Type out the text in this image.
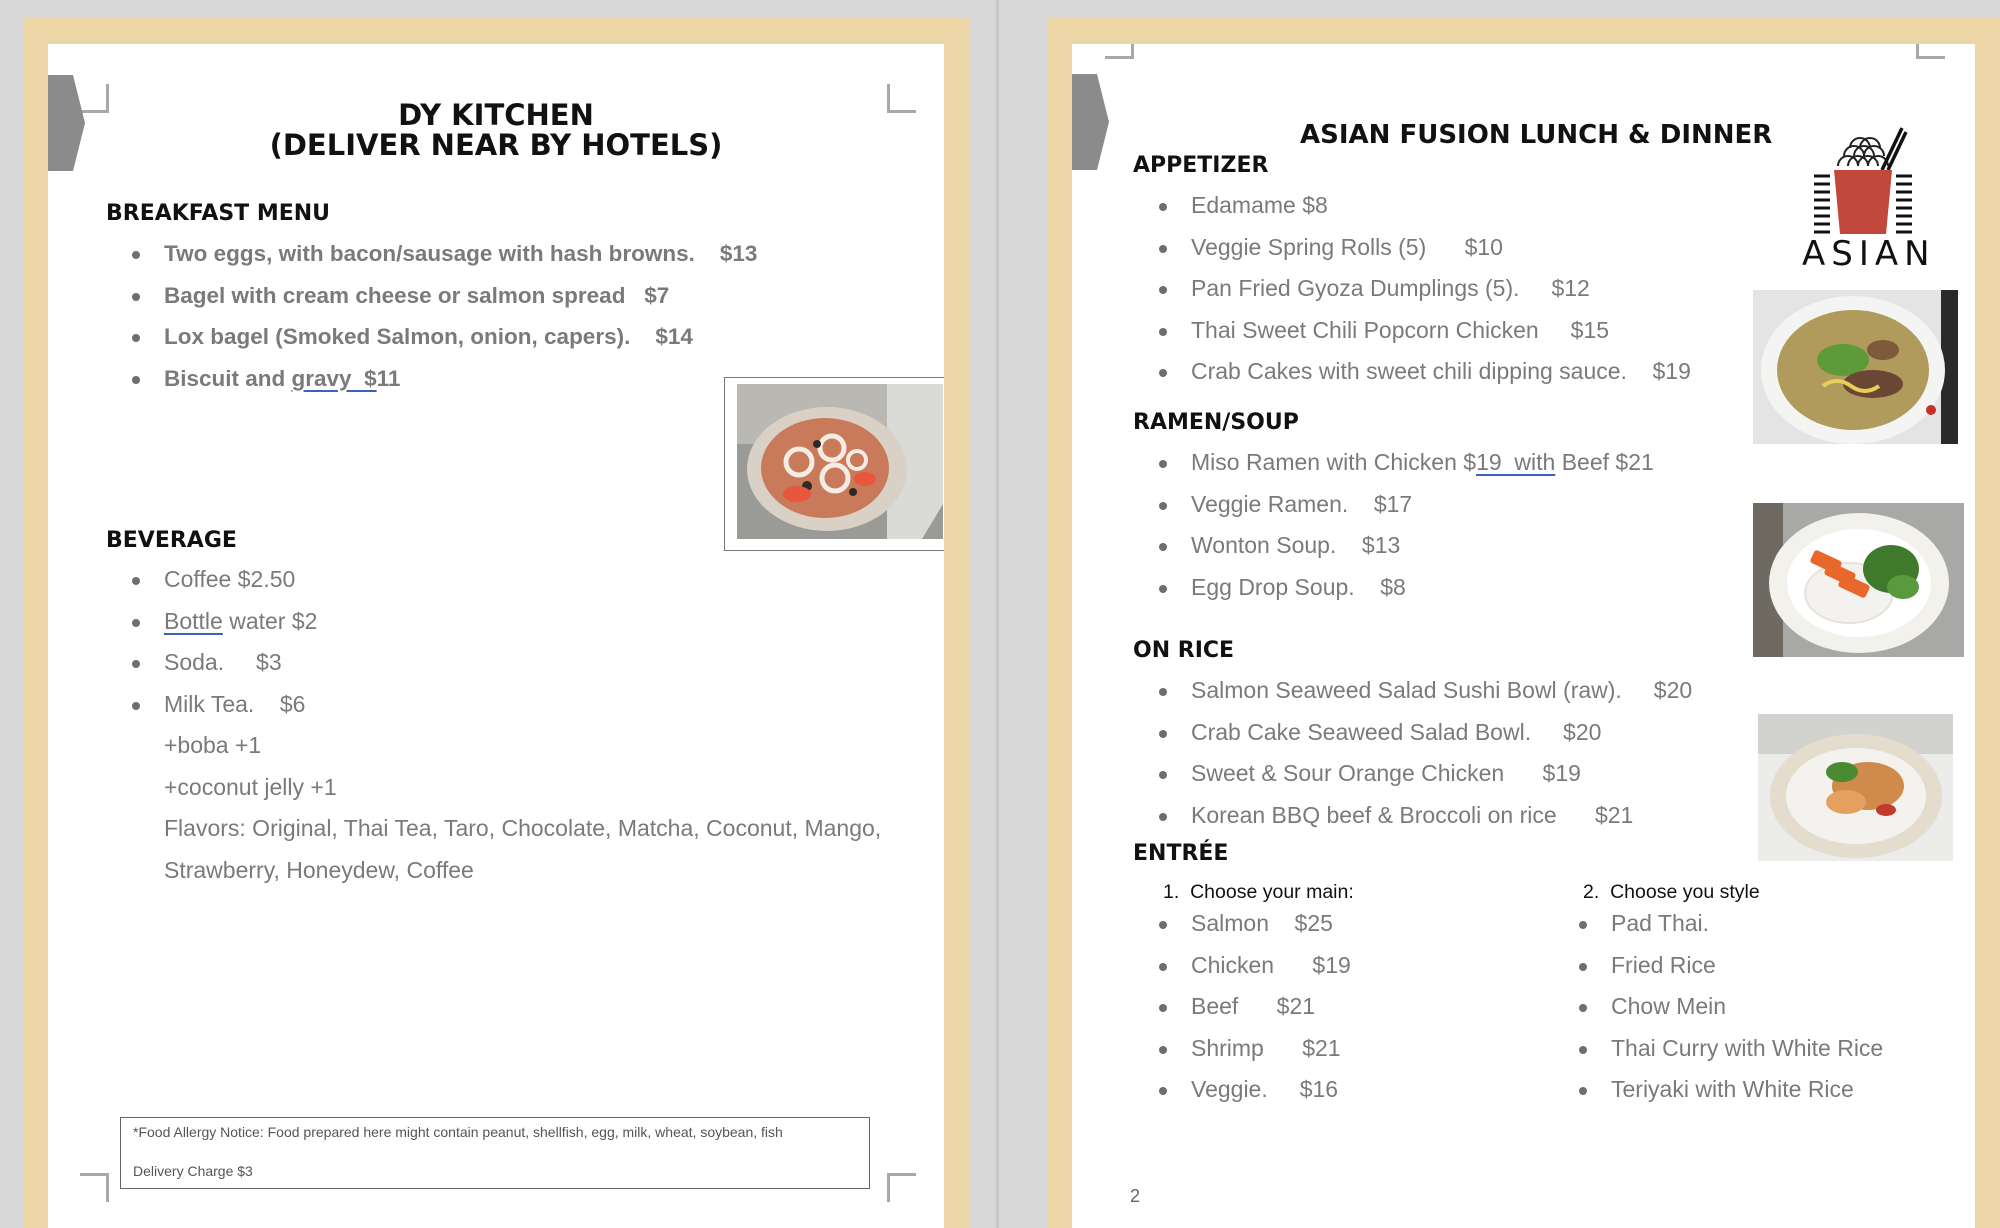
DY KITCHEN

(DELIVER NEAR BY HOTELS)

BREAKFAST MENU

Two eggs, with bacon/sausage with hash browns.    $13
Bagel with cream cheese or salmon spread   $7
Lox bagel (Smoked Salmon, onion, capers).    $14
Biscuit and gravy  $11

BEVERAGE

Coffee $2.50
Bottle water $2
Soda.     $3
Milk Tea.    $6
+boba +1
+coconut jelly +1
Flavors: Original, Thai Tea, Taro, Chocolate, Matcha, Coconut, Mango,
Strawberry, Honeydew, Coffee

*Food Allergy Notice: Food prepared here might contain peanut, shellfish, egg, milk, wheat, soybean, fish

Delivery Charge $3

ASIAN FUSION LUNCH & DINNER

ASIAN

APPETIZER

Edamame $8
Veggie Spring Rolls (5)      $10
Pan Fried Gyoza Dumplings (5).     $12
Thai Sweet Chili Popcorn Chicken     $15
Crab Cakes with sweet chili dipping sauce.    $19

RAMEN/SOUP

Miso Ramen with Chicken $19  with Beef $21
Veggie Ramen.    $17
Wonton Soup.    $13
Egg Drop Soup.    $8

ON RICE

Salmon Seaweed Salad Sushi Bowl (raw).     $20
Crab Cake Seaweed Salad Bowl.     $20
Sweet & Sour Orange Chicken      $19
Korean BBQ beef & Broccoli on rice      $21

ENTRÉE

1.  Choose your main:

Salmon    $25
Chicken      $19
Beef      $21
Shrimp      $21
Veggie.     $16

2.  Choose you style

Pad Thai.
Fried Rice
Chow Mein
Thai Curry with White Rice
Teriyaki with White Rice
2
